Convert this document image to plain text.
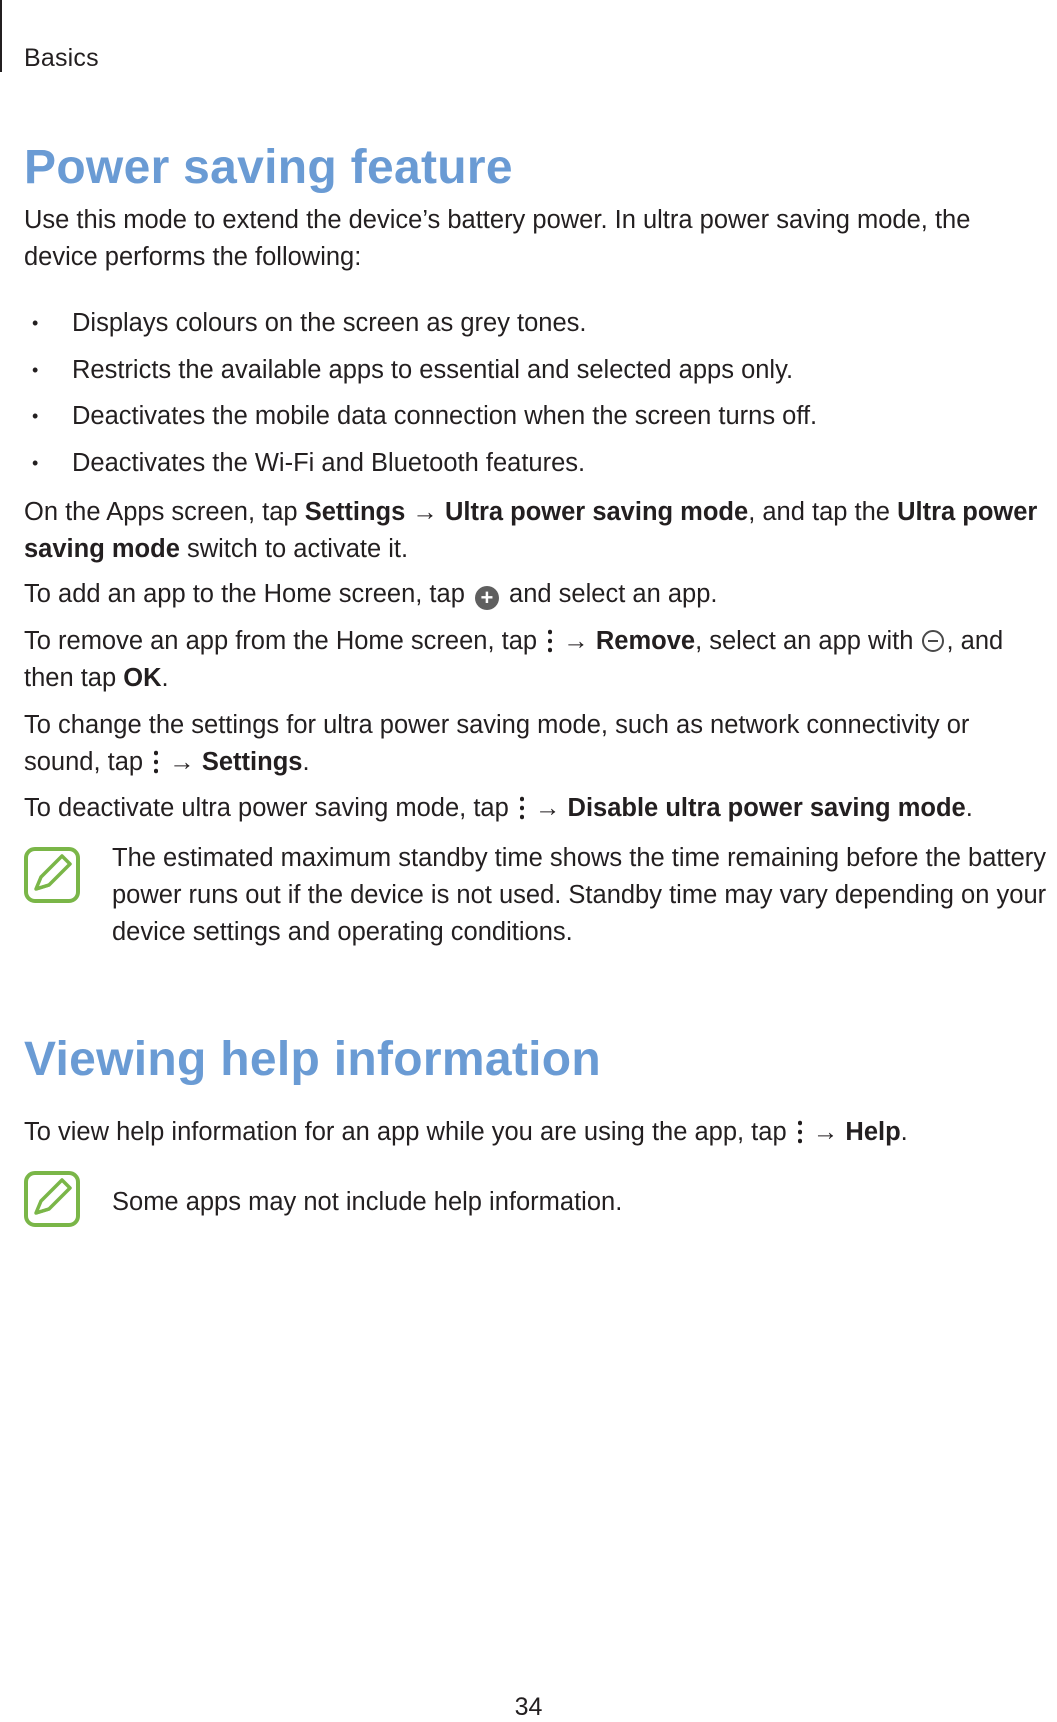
Basics
Power saving feature

Use this mode to extend the device’s battery power. In ultra power saving mode, the device performs the following:

• Displays colours on the screen as grey tones.
• Restricts the available apps to essential and selected apps only.
• Deactivates the mobile data connection when the screen turns off.
• Deactivates the Wi-Fi and Bluetooth features.

On the Apps screen, tap Settings → Ultra power saving mode, and tap the Ultra power saving mode switch to activate it.

To add an app to the Home screen, tap + and select an app.

To remove an app from the Home screen, tap  → Remove, select an app with , and then tap OK.

To change the settings for ultra power saving mode, such as network connectivity or sound, tap  → Settings.

To deactivate ultra power saving mode, tap  → Disable ultra power saving mode.

The estimated maximum standby time shows the time remaining before the battery power runs out if the device is not used. Standby time may vary depending on your device settings and operating conditions.

Viewing help information

To view help information for an app while you are using the app, tap  → Help.

Some apps may not include help information.

34
